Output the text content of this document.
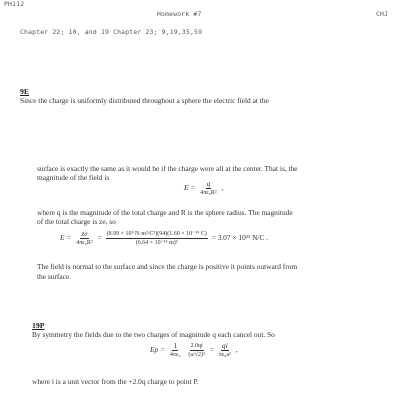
PH112
Homework #7	CHJ
Chapter 22; 10, and 19 Chapter 23; 9,19,35,59
9E
Since the charge is uniformly distributed throughout a sphere the electric field at the
surface is exactly the same as it would be if the charge were all at the center. That is, the
magnitude of the field is
$E = \frac{q}{\text{4πε₀R²}}$ ,
where q is the magnitude of the total charge and R is the sphere radius. The magnitude
of the total charge is ze, so
$E = \frac{ze}{\text{4πε₀R²}} = \frac{\text{(8.99 × 10⁹ N·m²/C²)(94)(1.60 × 10⁻¹⁹ C)}}{\text{(6.64 × 10⁻¹⁵ m)²}} = 3.07 \times 10^{21}$ N/C .
The field is normal to the surface and since the charge is positive it points outward from
the surface.
19P
By symmetry the fields due to the two charges of magnitude q each cancel out. So
$Ep = \frac{1}{\text{4πε₀}}$
$\frac{2.0qi}{\text{(a/√2)²}} = \frac{qi}{\text{πε₀a²}}$ ,
where i is a unit vector from the +2.0q charge to point P.
